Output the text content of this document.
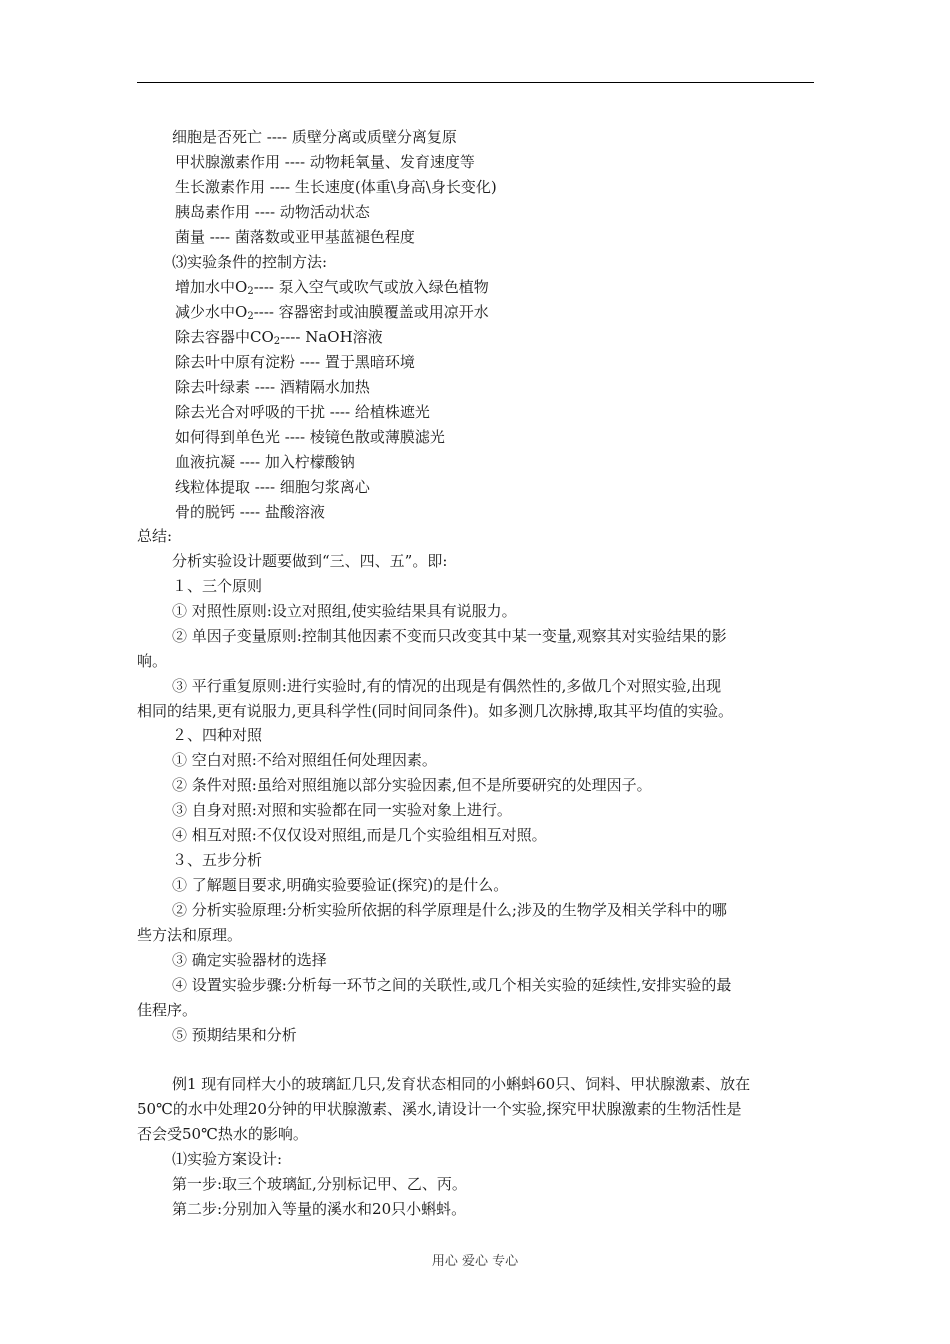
细胞是否死亡 ---- 质壁分离或质壁分离复原
甲状腺激素作用 ---- 动物耗氧量、发育速度等
生长激素作用 ---- 生长速度(体重\身高\身长变化)
胰岛素作用 ---- 动物活动状态
菌量 ---- 菌落数或亚甲基蓝褪色程度
⑶实验条件的控制方法:
增加水中$O_2----$ 泵入空气或吹气或放入绿色植物
减少水中$O_2----$ 容器密封或油膜覆盖或用凉开水
除去容器中$CO_2----$ NaOH溶液
除去叶中原有淀粉 ---- 置于黑暗环境
除去叶绿素 ---- 酒精隔水加热
除去光合对呼吸的干扰 ---- 给植株遮光
如何得到单色光 ---- 棱镜色散或薄膜滤光
血液抗凝 ---- 加入柠檬酸钠
线粒体提取 ---- 细胞匀浆离心
骨的脱钙 ---- 盐酸溶液
总结:
分析实验设计题要做到“三、四、五”。即:
１、三个原则
① 对照性原则:设立对照组,使实验结果具有说服力。
② 单因子变量原则:控制其他因素不变而只改变其中某一变量,观察其对实验结果的影
响。
③ 平行重复原则:进行实验时,有的情况的出现是有偶然性的,多做几个对照实验,出现
相同的结果,更有说服力,更具科学性(同时间同条件)。如多测几次脉搏,取其平均值的实验。
２、四种对照
① 空白对照:不给对照组任何处理因素。
② 条件对照:虽给对照组施以部分实验因素,但不是所要研究的处理因子。
③ 自身对照:对照和实验都在同一实验对象上进行。
④ 相互对照:不仅仅设对照组,而是几个实验组相互对照。
３、五步分析
① 了解题目要求,明确实验要验证(探究)的是什么。
② 分析实验原理:分析实验所依据的科学原理是什么;涉及的生物学及相关学科中的哪
些方法和原理。
③ 确定实验器材的选择
④ 设置实验步骤:分析每一环节之间的关联性,或几个相关实验的延续性,安排实验的最
佳程序。
⑤ 预期结果和分析
例1 现有同样大小的玻璃缸几只,发育状态相同的小蝌蚪60只、饲料、甲状腺激素、放在
50℃的水中处理20分钟的甲状腺激素、溪水,请设计一个实验,探究甲状腺激素的生物活性是
否会受50℃热水的影响。
⑴实验方案设计:
第一步:取三个玻璃缸,分别标记甲、乙、丙。
第二步:分别加入等量的溪水和20只小蝌蚪。
用心 爱心 专心
